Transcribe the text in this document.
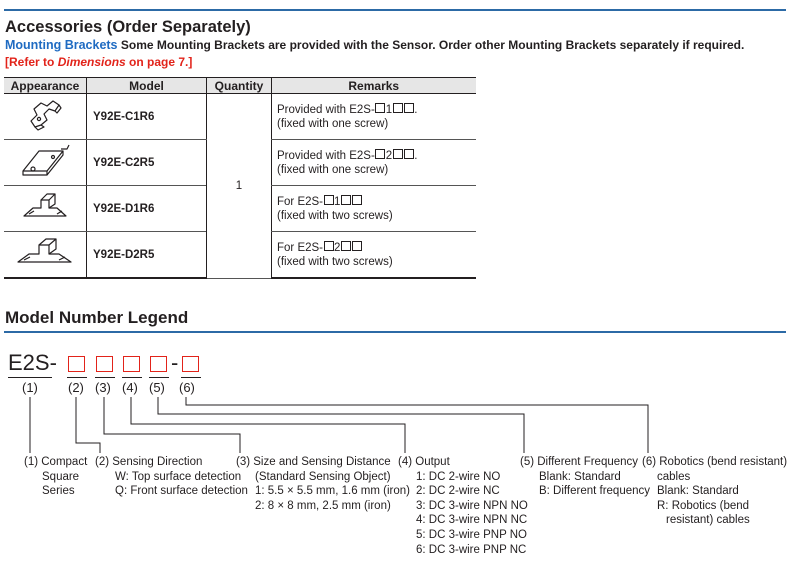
Accessories (Order Separately)
Mounting Brackets Some Mounting Brackets are provided with the Sensor. Order other Mounting Brackets separately if required.
[Refer to Dimensions on page 7.]
Appearance	Model	Quantity	Remarks
	Y92E-C1R6	1	Provided with E2S- 1 .
(fixed with one screw)
	Y92E-C2R5		Provided with E2S- 2 .
(fixed with one screw)
	Y92E-D1R6		For E2S- 1
(fixed with two screws)
	Y92E-D2R5		For E2S- 2
(fixed with two screws)
Model Number Legend
E2S-	-
(1) (2) (3) (4) (5) (6)
(1) Compact
Square
Series
(2) Sensing Direction
W: Top surface detection
Q: Front surface detection
(3) Size and Sensing Distance
(Standard Sensing Object)
1: 5.5 × 5.5 mm, 1.6 mm (iron)
2: 8 × 8 mm, 2.5 mm (iron)
(4) Output
1: DC 2-wire NO
2: DC 2-wire NC
3: DC 3-wire NPN NO
4: DC 3-wire NPN NC
5: DC 3-wire PNP NO
6: DC 3-wire PNP NC
(5) Different Frequency
Blank: Standard
B: Different frequency
(6) Robotics (bend resistant)
cables
Blank: Standard
R: Robotics (bend
resistant) cables
